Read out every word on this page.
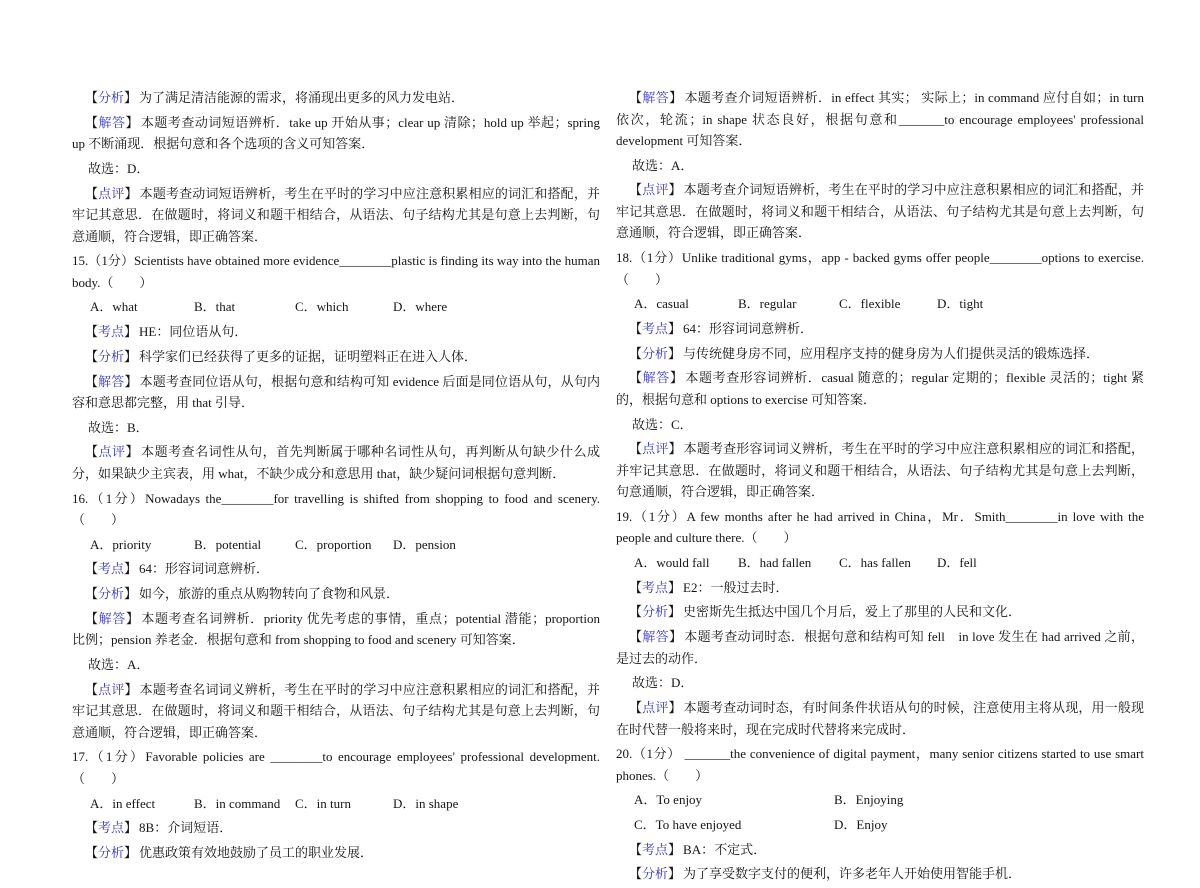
【分析】 为了满足清洁能源的需求，将涌现出更多的风力发电站．

【解答】 本题考查动词短语辨析．take up 开始从事；clear up 清除；hold up 举起；spring up 不断涌现．根据句意和各个选项的含义可知答案．

故选：D．

【点评】 本题考查动词短语辨析，考生在平时的学习中应注意积累相应的词汇和搭配，并牢记其意思．在做题时，将词义和题干相结合，从语法、句子结构尤其是句意上去判断，句意通顺，符合逻辑，即正确答案．

15.（1分）Scientists have obtained more evidence________plastic is finding its way into the human body.（　　）

A．what	B．that	C．which	D．where

【考点】 HE：同位语从句．

【分析】 科学家们已经获得了更多的证据，证明塑料正在进入人体．

【解答】 本题考查同位语从句，根据句意和结构可知 evidence 后面是同位语从句，从句内容和意思都完整，用 that 引导．

故选：B．

【点评】 本题考查名词性从句，首先判断属于哪种名词性从句，再判断从句缺少什么成分，如果缺少主宾表，用 what，不缺少成分和意思用 that，缺少疑问词根据句意判断．

16.（1分）Nowadays the________for travelling is shifted from shopping to food and scenery.（　　）

A．priority	B．potential	C．proportion	D．pension

【考点】 64：形容词词意辨析．

【分析】 如今，旅游的重点从购物转向了食物和风景．

【解答】 本题考查名词辨析．priority 优先考虑的事情，重点；potential 潜能；proportion 比例；pension 养老金．根据句意和 from shopping to food and scenery 可知答案．

故选：A．

【点评】 本题考查名词词义辨析，考生在平时的学习中应注意积累相应的词汇和搭配，并牢记其意思．在做题时，将词义和题干相结合，从语法、句子结构尤其是句意上去判断，句意通顺，符合逻辑，即正确答案．

17.（1分）Favorable policies are ________to encourage employees' professional development.（　　）

A．in effect	B．in command	C．in turn	D．in shape

【考点】 8B：介词短语．

【分析】 优惠政策有效地鼓励了员工的职业发展．

【解答】 本题考查介词短语辨析．in effect 其实； 实际上；in command 应付自如；in turn 依次，轮流；in shape 状态良好，根据句意和_______to encourage employees' professional development 可知答案．

故选：A．

【点评】 本题考查介词短语辨析，考生在平时的学习中应注意积累相应的词汇和搭配，并牢记其意思．在做题时，将词义和题干相结合，从语法、句子结构尤其是句意上去判断，句意通顺，符合逻辑，即正确答案．

18.（1分）Unlike traditional gyms，app - backed gyms offer people________options to exercise.（　　）

A．casual	B．regular	C．flexible	D．tight

【考点】 64：形容词词意辨析．

【分析】 与传统健身房不同，应用程序支持的健身房为人们提供灵活的锻炼选择．

【解答】 本题考查形容词辨析．casual 随意的；regular 定期的；flexible 灵活的；tight 紧的，根据句意和 options to exercise 可知答案．

故选：C．

【点评】 本题考查形容词词义辨析，考生在平时的学习中应注意积累相应的词汇和搭配，并牢记其意思．在做题时，将词义和题干相结合，从语法、句子结构尤其是句意上去判断，句意通顺，符合逻辑，即正确答案．

19.（1分）A few months after he had arrived in China，Mr．Smith________in love with the people and culture there.（　　）

A．would fall	B．had fallen	C．has fallen	D．fell

【考点】 E2：一般过去时．

【分析】 史密斯先生抵达中国几个月后，爱上了那里的人民和文化．

【解答】 本题考查动词时态．根据句意和结构可知 fell　in love 发生在 had arrived 之前，是过去的动作．

故选：D．

【点评】 本题考查动词时态，有时间条件状语从句的时候，注意使用主将从现，用一般现在时代替一般将来时，现在完成时代替将来完成时．

20.（1分） _______the convenience of digital payment，many senior citizens started to use smart phones.（　　）

A．To enjoy	B．Enjoying
C．To have enjoyed	D．Enjoy

【考点】 BA：不定式．

【分析】 为了享受数字支付的便利，许多老年人开始使用智能手机．
